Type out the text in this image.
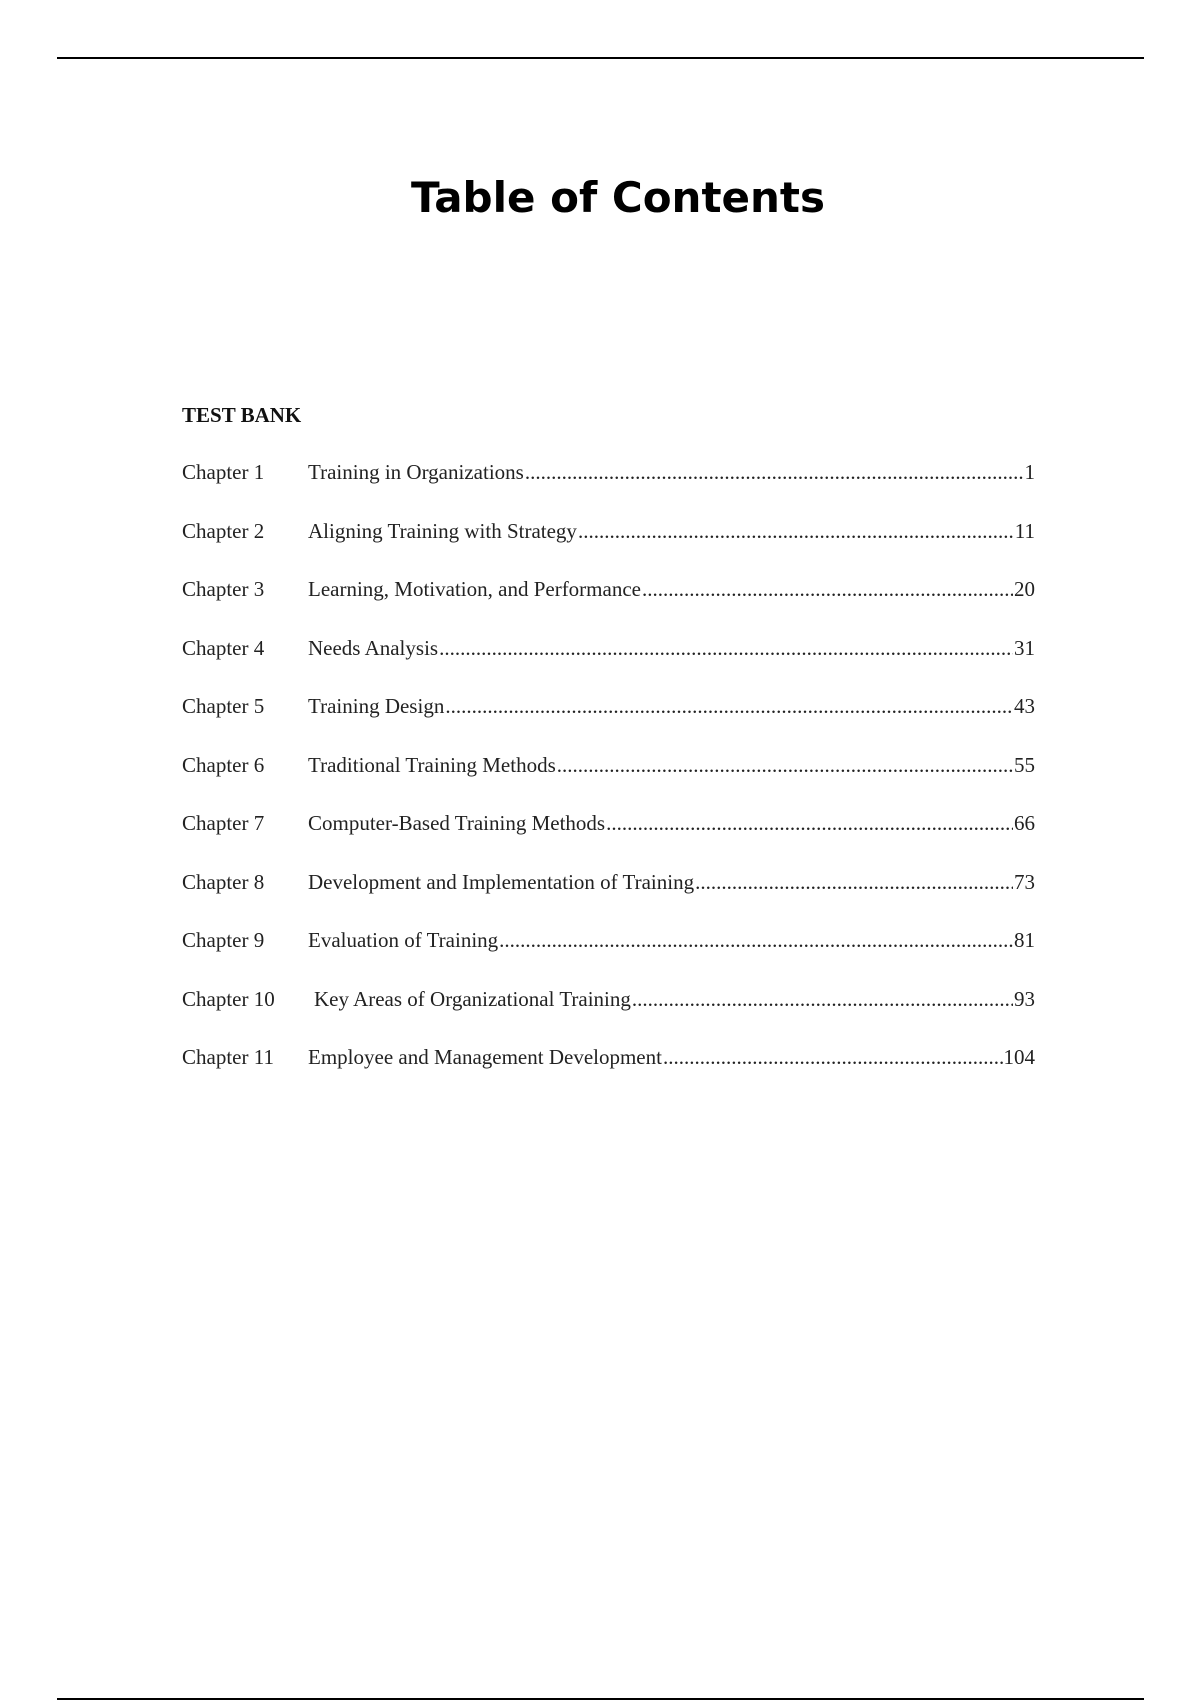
Table of Contents
TEST BANK
Chapter 1	Training in Organizations .....	1
Chapter 2	Aligning Training with Strategy .....	11
Chapter 3	Learning, Motivation, and Performance .....	20
Chapter 4	Needs Analysis .....	31
Chapter 5	Training Design .....	43
Chapter 6	Traditional Training Methods .....	55
Chapter 7	Computer-Based Training Methods .....	66
Chapter 8	Development and Implementation of Training .....	73
Chapter 9	Evaluation of Training .....	81
Chapter 10	Key Areas of Organizational Training .....	93
Chapter 11	Employee and Management Development .....	104
